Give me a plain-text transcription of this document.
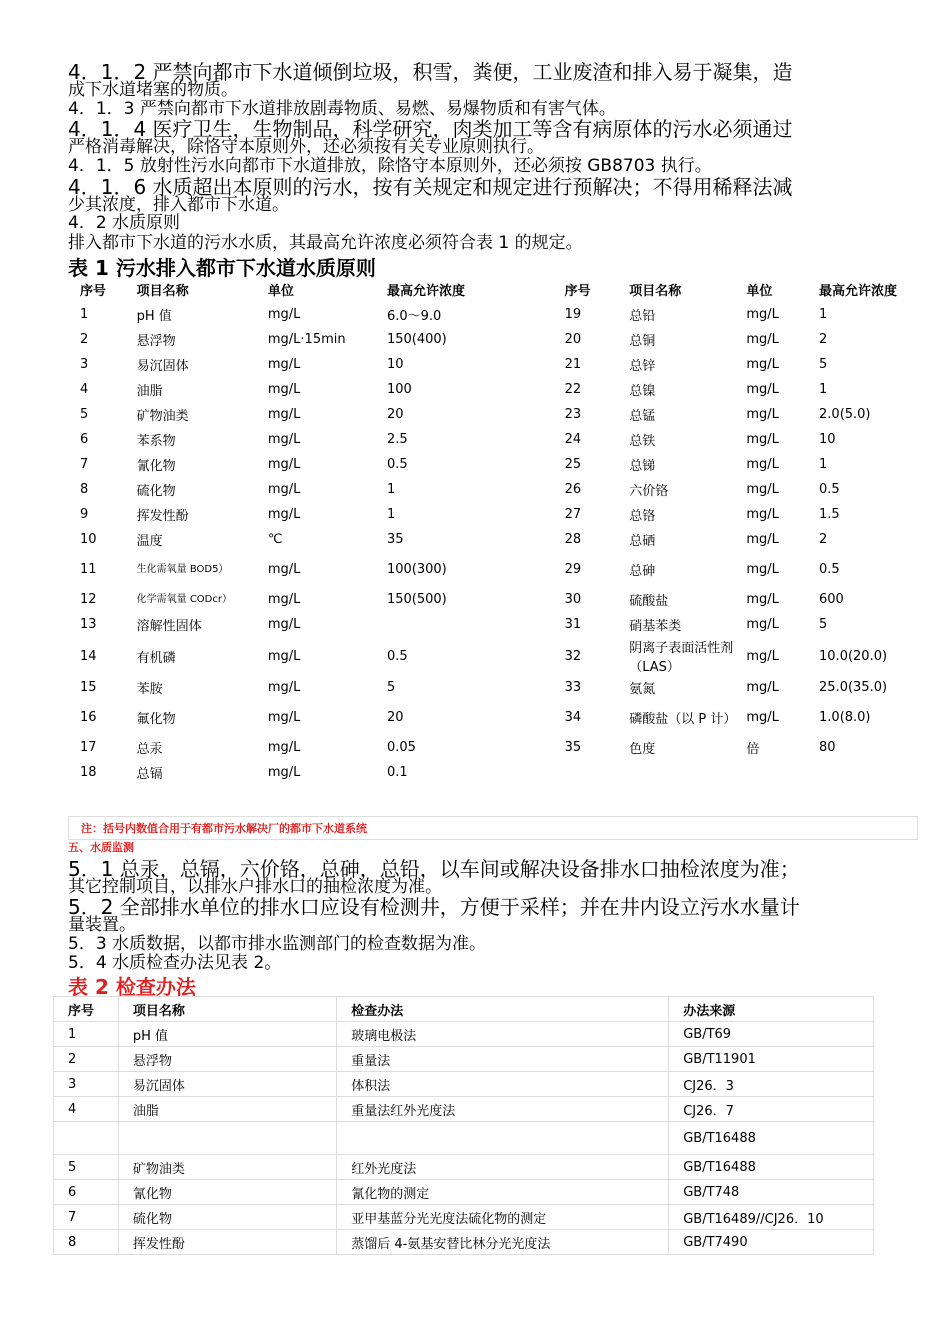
4．1．2 严禁向都市下水道倾倒垃圾，积雪，粪便，工业废渣和排入易于凝集，造
成下水道堵塞的物质。
4．1．3 严禁向都市下水道排放剧毒物质、易燃、易爆物质和有害气体。
4．1．4 医疗卫生，生物制品，科学研究，肉类加工等含有病原体的污水必须通过
严格消毒解决，除恪守本原则外，还必须按有关专业原则执行。
4．1．5 放射性污水向都市下水道排放，除恪守本原则外，还必须按 GB8703 执行。
4．1．6 水质超出本原则的污水，按有关规定和规定进行预解决；不得用稀释法减
少其浓度，排入都市下水道。
4．2 水质原则
排入都市下水道的污水水质，其最高允许浓度必须符合表 1 的规定。
表 1 污水排入都市下水道水质原则
序号	项目名称	单位	最高允许浓度	序号	项目名称	单位	最高允许浓度
1	pH 值	mg/L	6.0～9.0	19	总铅	mg/L	1
2	悬浮物	mg/L·15min	150(400)	20	总铜	mg/L	2
3	易沉固体	mg/L	10	21	总锌	mg/L	5
4	油脂	mg/L	100	22	总镍	mg/L	1
5	矿物油类	mg/L	20	23	总锰	mg/L	2.0(5.0)
6	苯系物	mg/L	2.5	24	总铁	mg/L	10
7	氰化物	mg/L	0.5	25	总锑	mg/L	1
8	硫化物	mg/L	1	26	六价铬	mg/L	0.5
9	挥发性酚	mg/L	1	27	总铬	mg/L	1.5
10	温度	℃	35	28	总硒	mg/L	2
11	生化需氧量 BOD5）	mg/L	100(300)	29	总砷	mg/L	0.5
12	化学需氧量 CODcr）	mg/L	150(500)	30	硫酸盐	mg/L	600
13	溶解性固体	mg/L		31	硝基苯类	mg/L	5
14	有机磷	mg/L	0.5	32	阴离子表面活性剂（LAS）	mg/L	10.0(20.0)
15	苯胺	mg/L	5	33	氨氮	mg/L	25.0(35.0)
16	氟化物	mg/L	20	34	磷酸盐（以 P 计）	mg/L	1.0(8.0)
17	总汞	mg/L	0.05	35	色度	倍	80
18	总镉	mg/L	0.1				
注：括号内数值合用于有都市污水解决厂的都市下水道系统
五、水质监测
5．1 总汞，总镉，六价铬，总砷，总铅，以车间或解决设备排水口抽检浓度为准；
其它控制项目，以排水户排水口的抽检浓度为准。
5．2 全部排水单位的排水口应设有检测井，方便于采样；并在井内设立污水水量计
量装置。
5．3 水质数据，以都市排水监测部门的检查数据为准。
5．4 水质检查办法见表 2。
表 2 检查办法
序号	项目名称	检查办法	办法来源
1	pH 值	玻璃电极法	GB/T69
2	悬浮物	重量法	GB/T11901
3	易沉固体	体积法	CJ26．3
4	油脂	重量法红外光度法	CJ26．7
			GB/T16488
5	矿物油类	红外光度法	GB/T16488
6	氰化物	氰化物的测定	GB/T748
7	硫化物	亚甲基蓝分光光度法硫化物的测定	GB/T16489//CJ26．10
8	挥发性酚	蒸馏后 4-氨基安替比林分光光度法	GB/T7490
